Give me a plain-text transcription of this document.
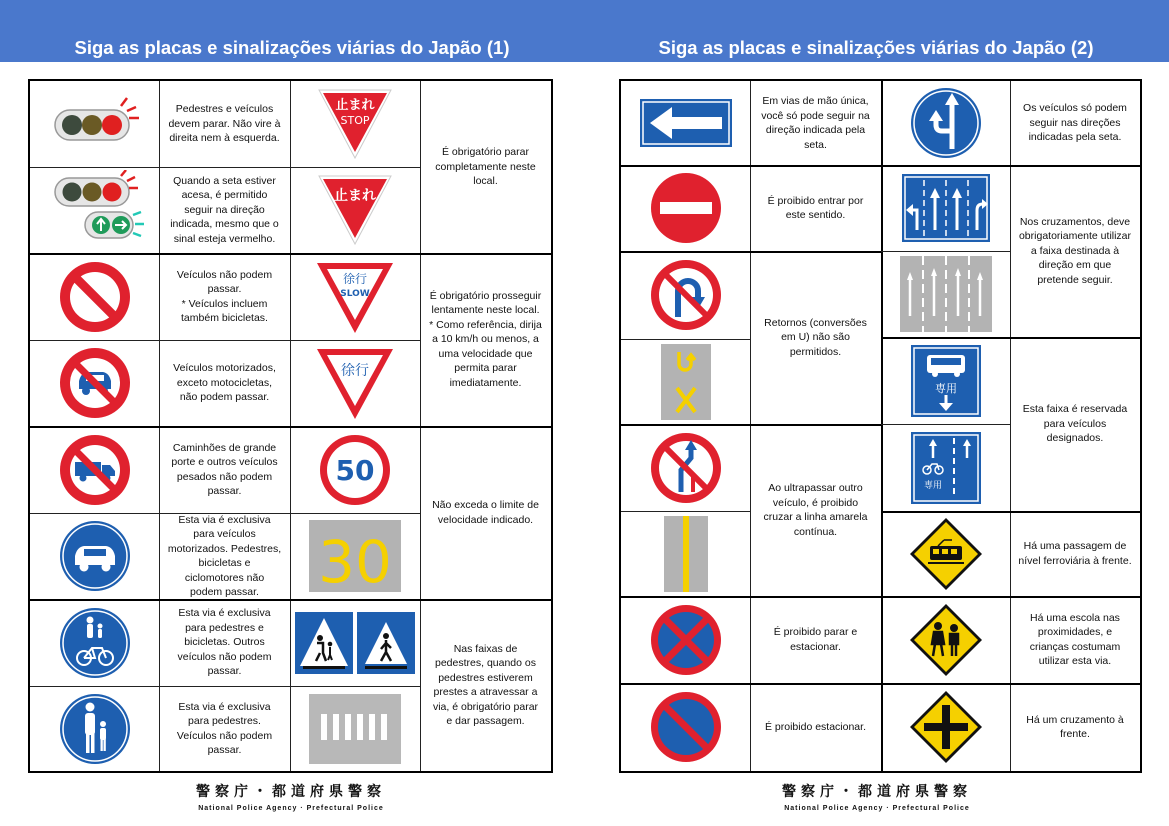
Siga as placas e sinalizações viárias do Japão (1)	Siga as placas e sinalizações viárias do Japão (2)
Pedestres e veículos
devem parar. Não vire à
direita nem à esquerda.
Quando a seta estiver
acesa, é permitido
seguir na direção
indicada, mesmo que o
sinal esteja vermelho.
止まれ
STOP
止まれ
É obrigatório parar
completamente neste
local.
Veículos não podem
passar.
* Veículos incluem
também bicicletas.
Veículos motorizados,
exceto motocicletas,
não podem passar.
徐行
SLOW
徐行
É obrigatório prosseguir
lentamente neste local.
* Como referência, dirija
a 10 km/h ou menos, a
uma velocidade que
permita parar
imediatamente.
Caminhões de grande
porte e outros veículos
pesados não podem
passar.
Esta via é exclusiva
para veículos
motorizados. Pedestres,
bicicletas e
ciclomotores não
podem passar.
50
30
Não exceda o limite de
velocidade indicado.
Esta via é exclusiva
para pedestres e
bicicletas. Outros
veículos não podem
passar.
Esta via é exclusiva
para pedestres.
Veículos não podem
passar.
Nas faixas de
pedestres, quando os
pedestres estiverem
prestes a atravessar a
via, é obrigatório parar
e dar passagem.
Em vias de mão única,
você só pode seguir na
direção indicada pela
seta.
É proibido entrar por
este sentido.
Retornos (conversões
em U) não são
permitidos.
Ao ultrapassar outro
veículo, é proibido
cruzar a linha amarela
contínua.
É proibido parar e
estacionar.
É proibido estacionar.
Os veículos só podem
seguir nas direções
indicadas pela seta.
Nos cruzamentos, deve
obrigatoriamente utilizar
a faixa destinada à
direção em que
pretende seguir.
専用
専用
Esta faixa é reservada
para veículos
designados.
Há uma passagem de
nível ferroviária à frente.
Há uma escola nas
proximidades, e
crianças costumam
utilizar esta via.
Há um cruzamento à
frente.
警察庁・都道府県警察
National Police Agency · Prefectural Police
警察庁・都道府県警察
National Police Agency · Prefectural Police
